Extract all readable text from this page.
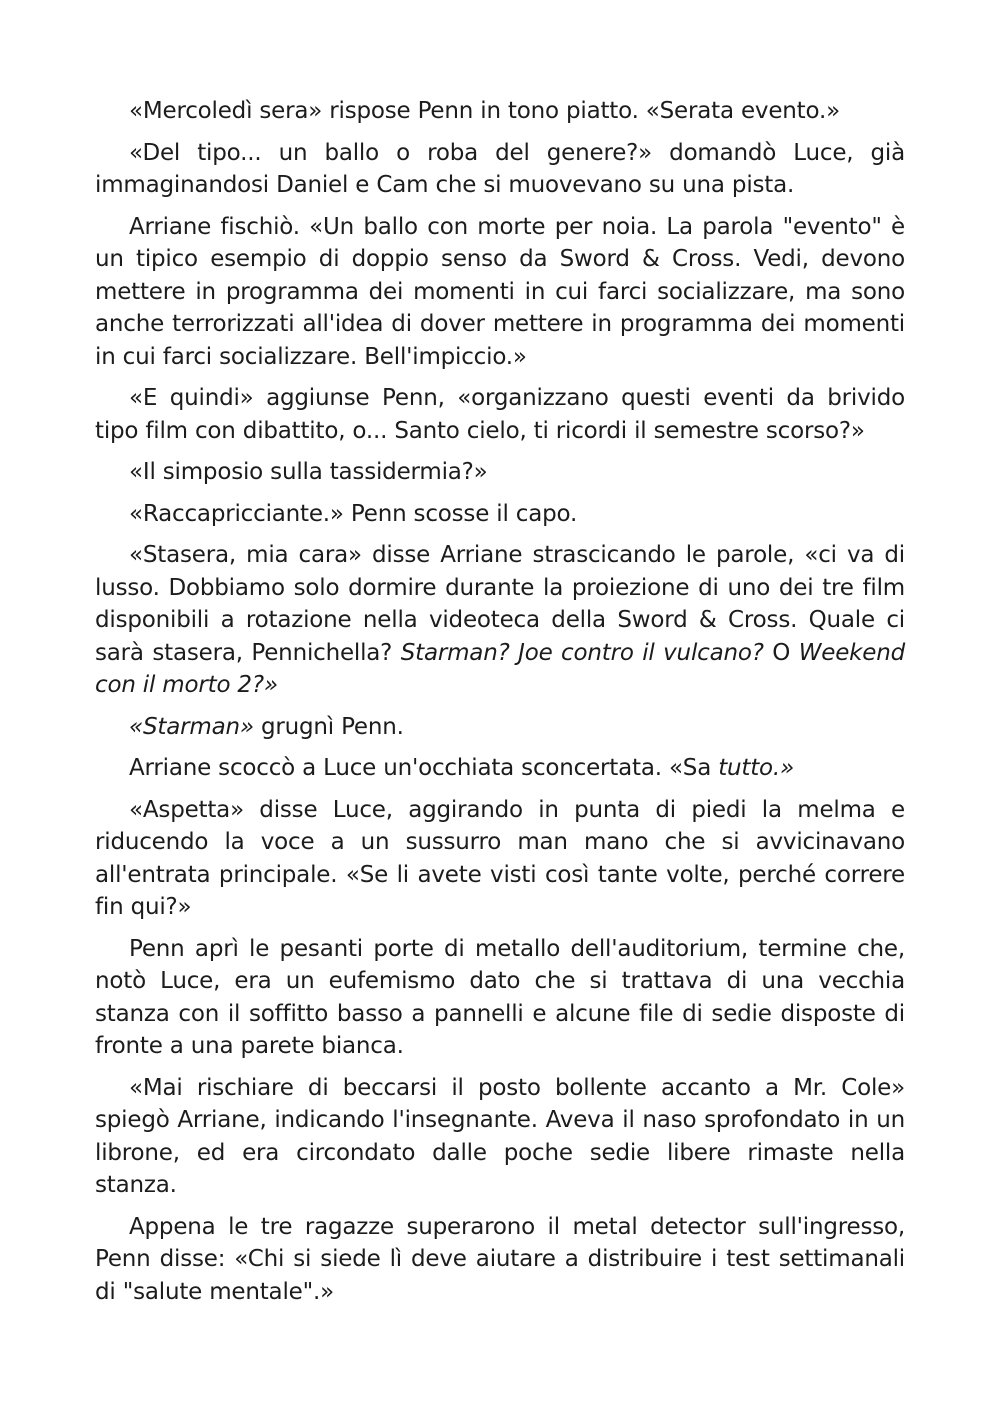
«Mercoledì sera» rispose Penn in tono piatto. «Serata evento.»

«Del tipo... un ballo o roba del genere?» domandò Luce, già immaginandosi Daniel e Cam che si muovevano su una pista.

Arriane fischiò. «Un ballo con morte per noia. La parola "evento" è un tipico esempio di doppio senso da Sword & Cross. Vedi, devono mettere in programma dei momenti in cui farci socializzare, ma sono anche terrorizzati all'idea di dover mettere in programma dei momenti in cui farci socializzare. Bell'impiccio.»

«E quindi» aggiunse Penn, «organizzano questi eventi da brivido tipo film con dibattito, o... Santo cielo, ti ricordi il semestre scorso?»

«Il simposio sulla tassidermia?»

«Raccapricciante.» Penn scosse il capo.

«Stasera, mia cara» disse Arriane strascicando le parole, «ci va di lusso. Dobbiamo solo dormire durante la proiezione di uno dei tre film disponibili a rotazione nella videoteca della Sword & Cross. Quale ci sarà stasera, Pennichella? Starman? Joe contro il vulcano? O Weekend con il morto 2?»

«Starman» grugnì Penn.

Arriane scoccò a Luce un'occhiata sconcertata. «Sa tutto.»

«Aspetta» disse Luce, aggirando in punta di piedi la melma e riducendo la voce a un sussurro man mano che si avvicinavano all'entrata principale. «Se li avete visti così tante volte, perché correre fin qui?»

Penn aprì le pesanti porte di metallo dell'auditorium, termine che, notò Luce, era un eufemismo dato che si trattava di una vecchia stanza con il soffitto basso a pannelli e alcune file di sedie disposte di fronte a una parete bianca.

«Mai rischiare di beccarsi il posto bollente accanto a Mr. Cole» spiegò Arriane, indicando l'insegnante. Aveva il naso sprofondato in un librone, ed era circondato dalle poche sedie libere rimaste nella stanza.

Appena le tre ragazze superarono il metal detector sull'ingresso, Penn disse: «Chi si siede lì deve aiutare a distribuire i test settimanali di "salute mentale".»
